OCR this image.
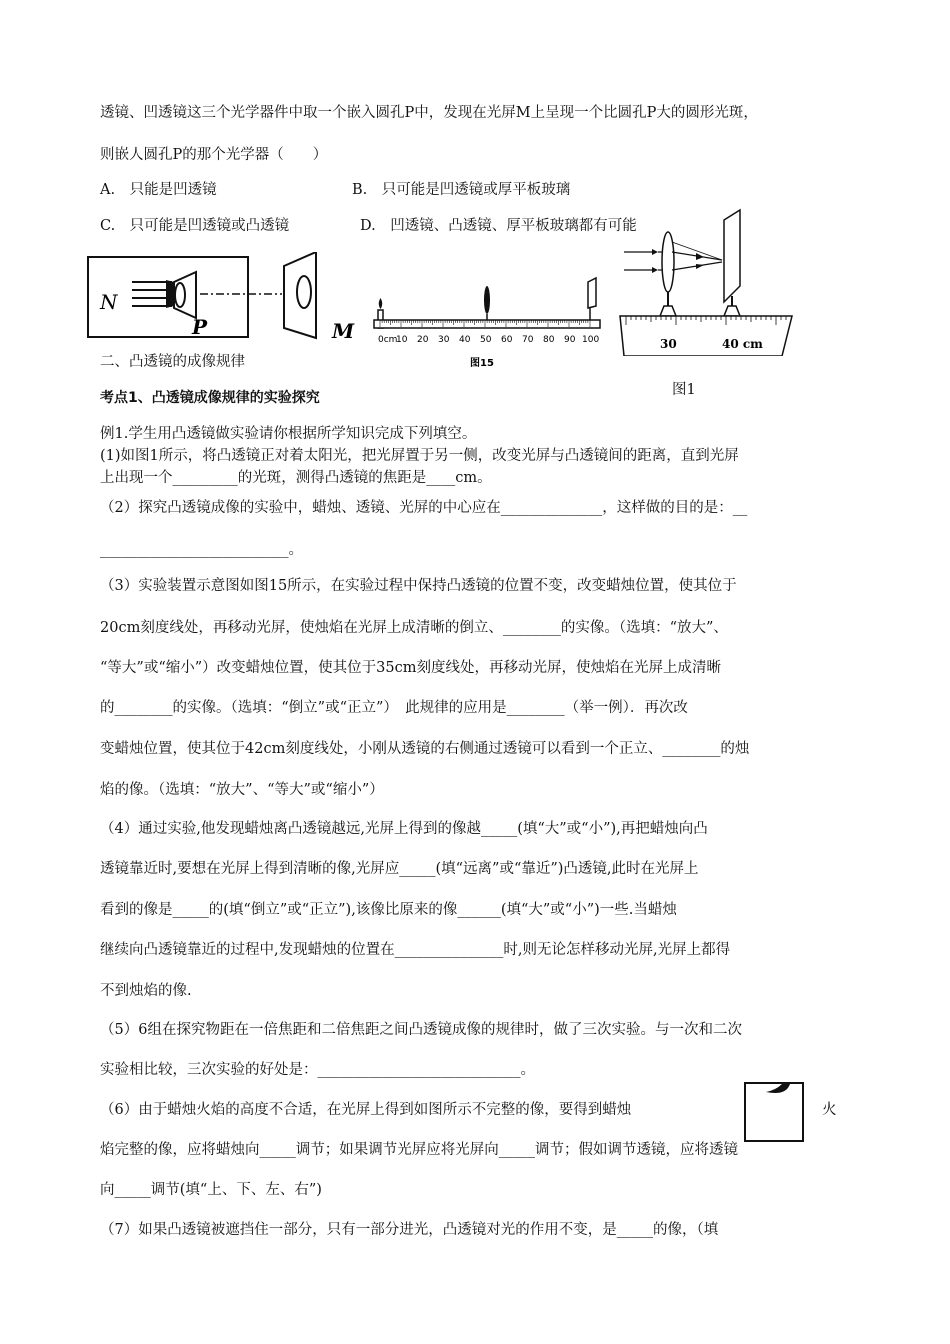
透镜、凹透镜这三个光学器件中取一个嵌入圆孔P中，发现在光屏M上呈现一个比圆孔P大的圆形光斑，
则嵌人圆孔P的那个光学器（　　）
A.　只能是凹透镜	B.　只可能是凹透镜或厚平板玻璃
C.　只可能是凹透镜或凸透镜	D.　凹透镜、凸透镜、厚平板玻璃都有可能
二、凸透镜的成像规律
考点1、凸透镜成像规律的实验探究
例1.学生用凸透镜做实验请你根据所学知识完成下列填空。
(1)如图1所示，将凸透镜正对着太阳光，把光屏置于另一侧，改变光屏与凸透镜间的距离，直到光屏
上出现一个_________的光斑，测得凸透镜的焦距是____cm。
（2）探究凸透镜成像的实验中，蜡烛、透镜、光屏的中心应在______________，这样做的目的是：__
__________________________。
（3）实验装置示意图如图15所示，在实验过程中保持凸透镜的位置不变，改变蜡烛位置，使其位于
20cm刻度线处，再移动光屏，使烛焰在光屏上成清晰的倒立、________的实像。（选填：“放大”、
“等大”或“缩小”）改变蜡烛位置，使其位于35cm刻度线处，再移动光屏，使烛焰在光屏上成清晰
的________的实像。（选填：“倒立”或“正立”）　此规律的应用是________（举一例）．再次改
变蜡烛位置，使其位于42cm刻度线处，小刚从透镜的右侧通过透镜可以看到一个正立、________的烛
焰的像。（选填：“放大”、“等大”或“缩小”）
（4）通过实验,他发现蜡烛离凸透镜越远,光屏上得到的像越_____(填“大”或“小”),再把蜡烛向凸
透镜靠近时,要想在光屏上得到清晰的像,光屏应_____(填“远离”或“靠近”)凸透镜,此时在光屏上
看到的像是_____的(填“倒立”或“正立”),该像比原来的像______(填“大”或“小”)一些.当蜡烛
继续向凸透镜靠近的过程中,发现蜡烛的位置在_______________时,则无论怎样移动光屏,光屏上都得
不到烛焰的像.
（5）6组在探究物距在一倍焦距和二倍焦距之间凸透镜成像的规律时，做了三次实验。与一次和二次
实验相比较，三次实验的好处是：____________________________。
（6）由于蜡烛火焰的高度不合适，在光屏上得到如图所示不完整的像，要得到蜡烛	火
焰完整的像，应将蜡烛向_____调节；如果调节光屏应将光屏向_____调节；假如调节透镜，应将透镜
向_____调节(填“上、下、左、右”)
（7）如果凸透镜被遮挡住一部分，只有一部分进光，凸透镜对光的作用不变，是_____的像，（填
N
P	M	0cm
10 20 30 40 50 60 70 80 90 100
图15
30	40 cm
图1
